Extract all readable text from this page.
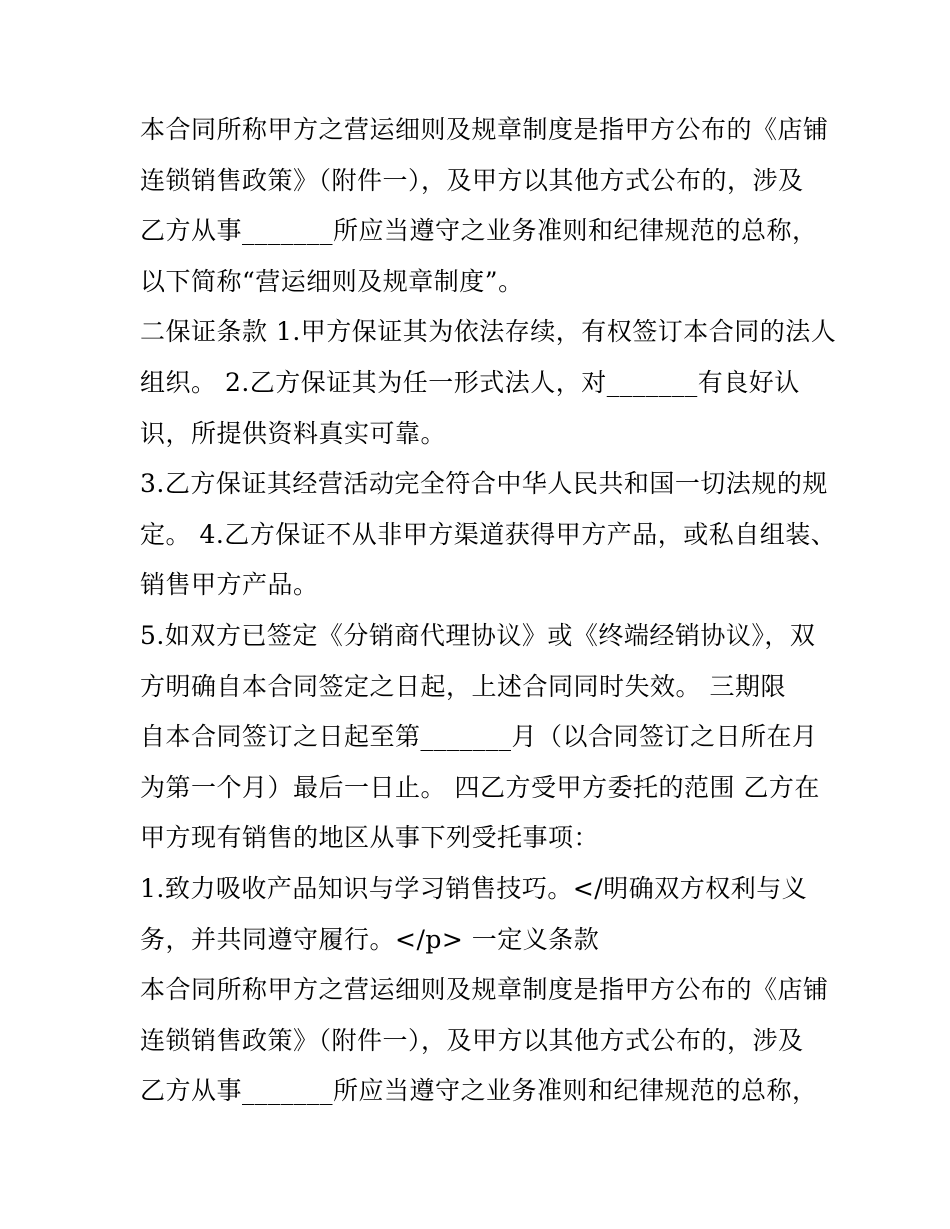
本合同所称甲方之营运细则及规章制度是指甲方公布的《店铺
连锁销售政策》（附件一），及甲方以其他方式公布的，涉及
乙方从事_______所应当遵守之业务准则和纪律规范的总称，
以下简称“营运细则及规章制度”。
二保证条款 1.甲方保证其为依法存续，有权签订本合同的法人
组织。 2.乙方保证其为任一形式法人，对_______有良好认
识，所提供资料真实可靠。
3.乙方保证其经营活动完全符合中华人民共和国一切法规的规
定。 4.乙方保证不从非甲方渠道获得甲方产品，或私自组装、
销售甲方产品。
5.如双方已签定《分销商代理协议》或《终端经销协议》，双
方明确自本合同签定之日起，上述合同同时失效。 三期限
自本合同签订之日起至第_______月（以合同签订之日所在月
为第一个月）最后一日止。 四乙方受甲方委托的范围 乙方在
甲方现有销售的地区从事下列受托事项：
1.致力吸收产品知识与学习销售技巧。</明确双方权利与义
务，并共同遵守履行。</p> 一定义条款
本合同所称甲方之营运细则及规章制度是指甲方公布的《店铺
连锁销售政策》（附件一），及甲方以其他方式公布的，涉及
乙方从事_______所应当遵守之业务准则和纪律规范的总称，
